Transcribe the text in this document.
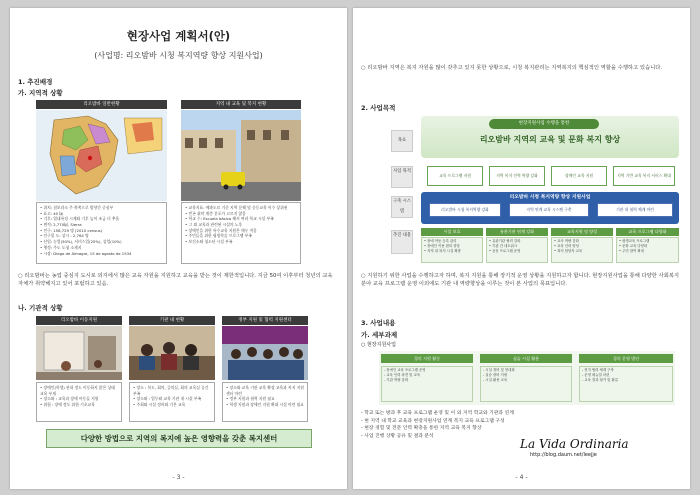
현장사업 계획서(안)
(사업명: 리오밤바 시청 복지역량 향상 지원사업)
1. 추진배경
가. 지역적 상황
리오밤바 일반현황	지역 내 교육 및 복지 현황
• 위치: 침보라소 주 북쪽으로 방향간 중심부
• 표고: 40 ㎞
• 기후: 열대특징 시제와 기후 높이 조금 더 추움
• 면적: 2,770㎢, Sierra
• 인구: 158,729 명 (2010 census)
• 인구밀 도: 상시 - 2,764 명
• 산업: 농업(50%), 서비스업(25%), 상업(10%)
• 행정: 주도 도청 소재지
• 시장: Diego de Almagro, 15 de agosto de 1534
• 교육지표: 에콰도르 기준 지역 문해 및 중등교육 이수 상위권
• 빈곤 취약 계층 분포가 고르지 않음
• 학교 수: Escuela básica 해서 여러 학교 시설 부족
• 그 외 교육과 관련된 시설의 노후
• 장애인을 위한 특수교육 지원은 매우 적음
• 주민들을 위한 평생학습 프로그램 부족
• 보건소와 청소년 시설 부족
○ 리오밤바는 농업 중심지 도시로 외지에서 많은 교육 자원을 지원하고 교육을 받는 것이 제한적입니다. 지금 50여 이후부터 청년의 교육 자체가 취약해지고 있어 포럼하고 있음.
나. 기관적 상황
리오밤바 이동지원	기관 내 현황	정부 지원 및 협력 지원센터
• 장애인(학생) 관내 정도 이동하지 않은 상태 교육 부재
• 장소와 : 교육과 장애 아동들 지원
• 위험 : 장애 정도 위한 기초교육
• 장소 : 복도, 회의, 증의실, 회의 교육실 공간 부족
• 장소와 : 업무와 교육 기관 내 시설 부족
• 주최와 시설 정비와 기본 교육
• 장소와 교육 기관 교육 확장 교육과 복지 지원센터 마련
• 정부 지원과 협력 지원 필요
• 학생 지원과 장애인 지원 확대 시설 마련 필요
다양한 방법으로 지역의 복지에 높은 영향력을 갖춘 복지센터
- 3 -
○ 리오밤바 지역은 복지 자원을 많이 갖추고 있지 못한 상황으로, 시청 복지관리는 지역복지의 핵심적인 역할을 수행하고 있습니다.
2. 사업목적
목표
사업 목적
구축 시스템
추진 내용
현장지원사업 수행을 통한
리오밤바 지역의 교육 및 문화 복지 향상
교육 프로그램 지원	지역 복지 인력 역량 강화	장애인 교육 지원	지역 기반 교육 복지 서비스 확대
리오밤바 시청 복지역량 향상 지원사업
리오밤바 시청 복지역량 강화	지역 연계 교육 시스템 구축	기관 내 협력 체계 마련
시설 보호	유관기관 연계 강화	교육지원 및 양성	교육 프로그램 다양화
• 장애 아동 등록 관리
• 장애인 이용 편의 향상
• 지역 내 복지 시설 확충
• 유관기관 협력 강화
• 기관 간 네트워크
• 공동 프로그램 운영
• 교사 역량 강화
• 교육 인력 양성
• 복지 담당자 교육
• 평생교육 프로그램
• 문화 교육 다양화
• 주민 참여 확대
○ 지원하기 위한 사업을 수행하고자 하며, 복지 지원을 통해 장기적 운영 상황을 지원하고자 합니다. 현장지원사업을 통해 다양한 사회복지 분야 교육 프로그램 운영 이외에도 기관 내 역량향상을 이루는 것이 본 사업의 목표입니다.
3. 사업내용
가. 세부과제
○ 현장지원사업
경의 지원 활동	심습 시설 활용	경의 운영 방안
- 장애인 교육 프로그램 운영
- 교육 인력 파견 및 교육
- 기관 역량 강화
- 시설 정비 및 현대화
- 실습 장비 지원
- 시설 활용 교육
- 현지 협력 체계 구축
- 운영 매뉴얼 마련
- 교육 결과 평가 및 환류
- 학교 또는 방과 후 교육 프로그램 운영 및 이 외 지역 학교와 기관과 연계
- 현 지역 내 학교 교육과 현장지원사업 연계 복지 교육 프로그램 구성
- 현장 경험 및 전문 인력 확충을 통한 지역 교육 복지 향상
- 사업 진행 상황 공유 및 결과 분석
- 4 -
La Vida Ordinaria
http://blog.daum.net/leejje
